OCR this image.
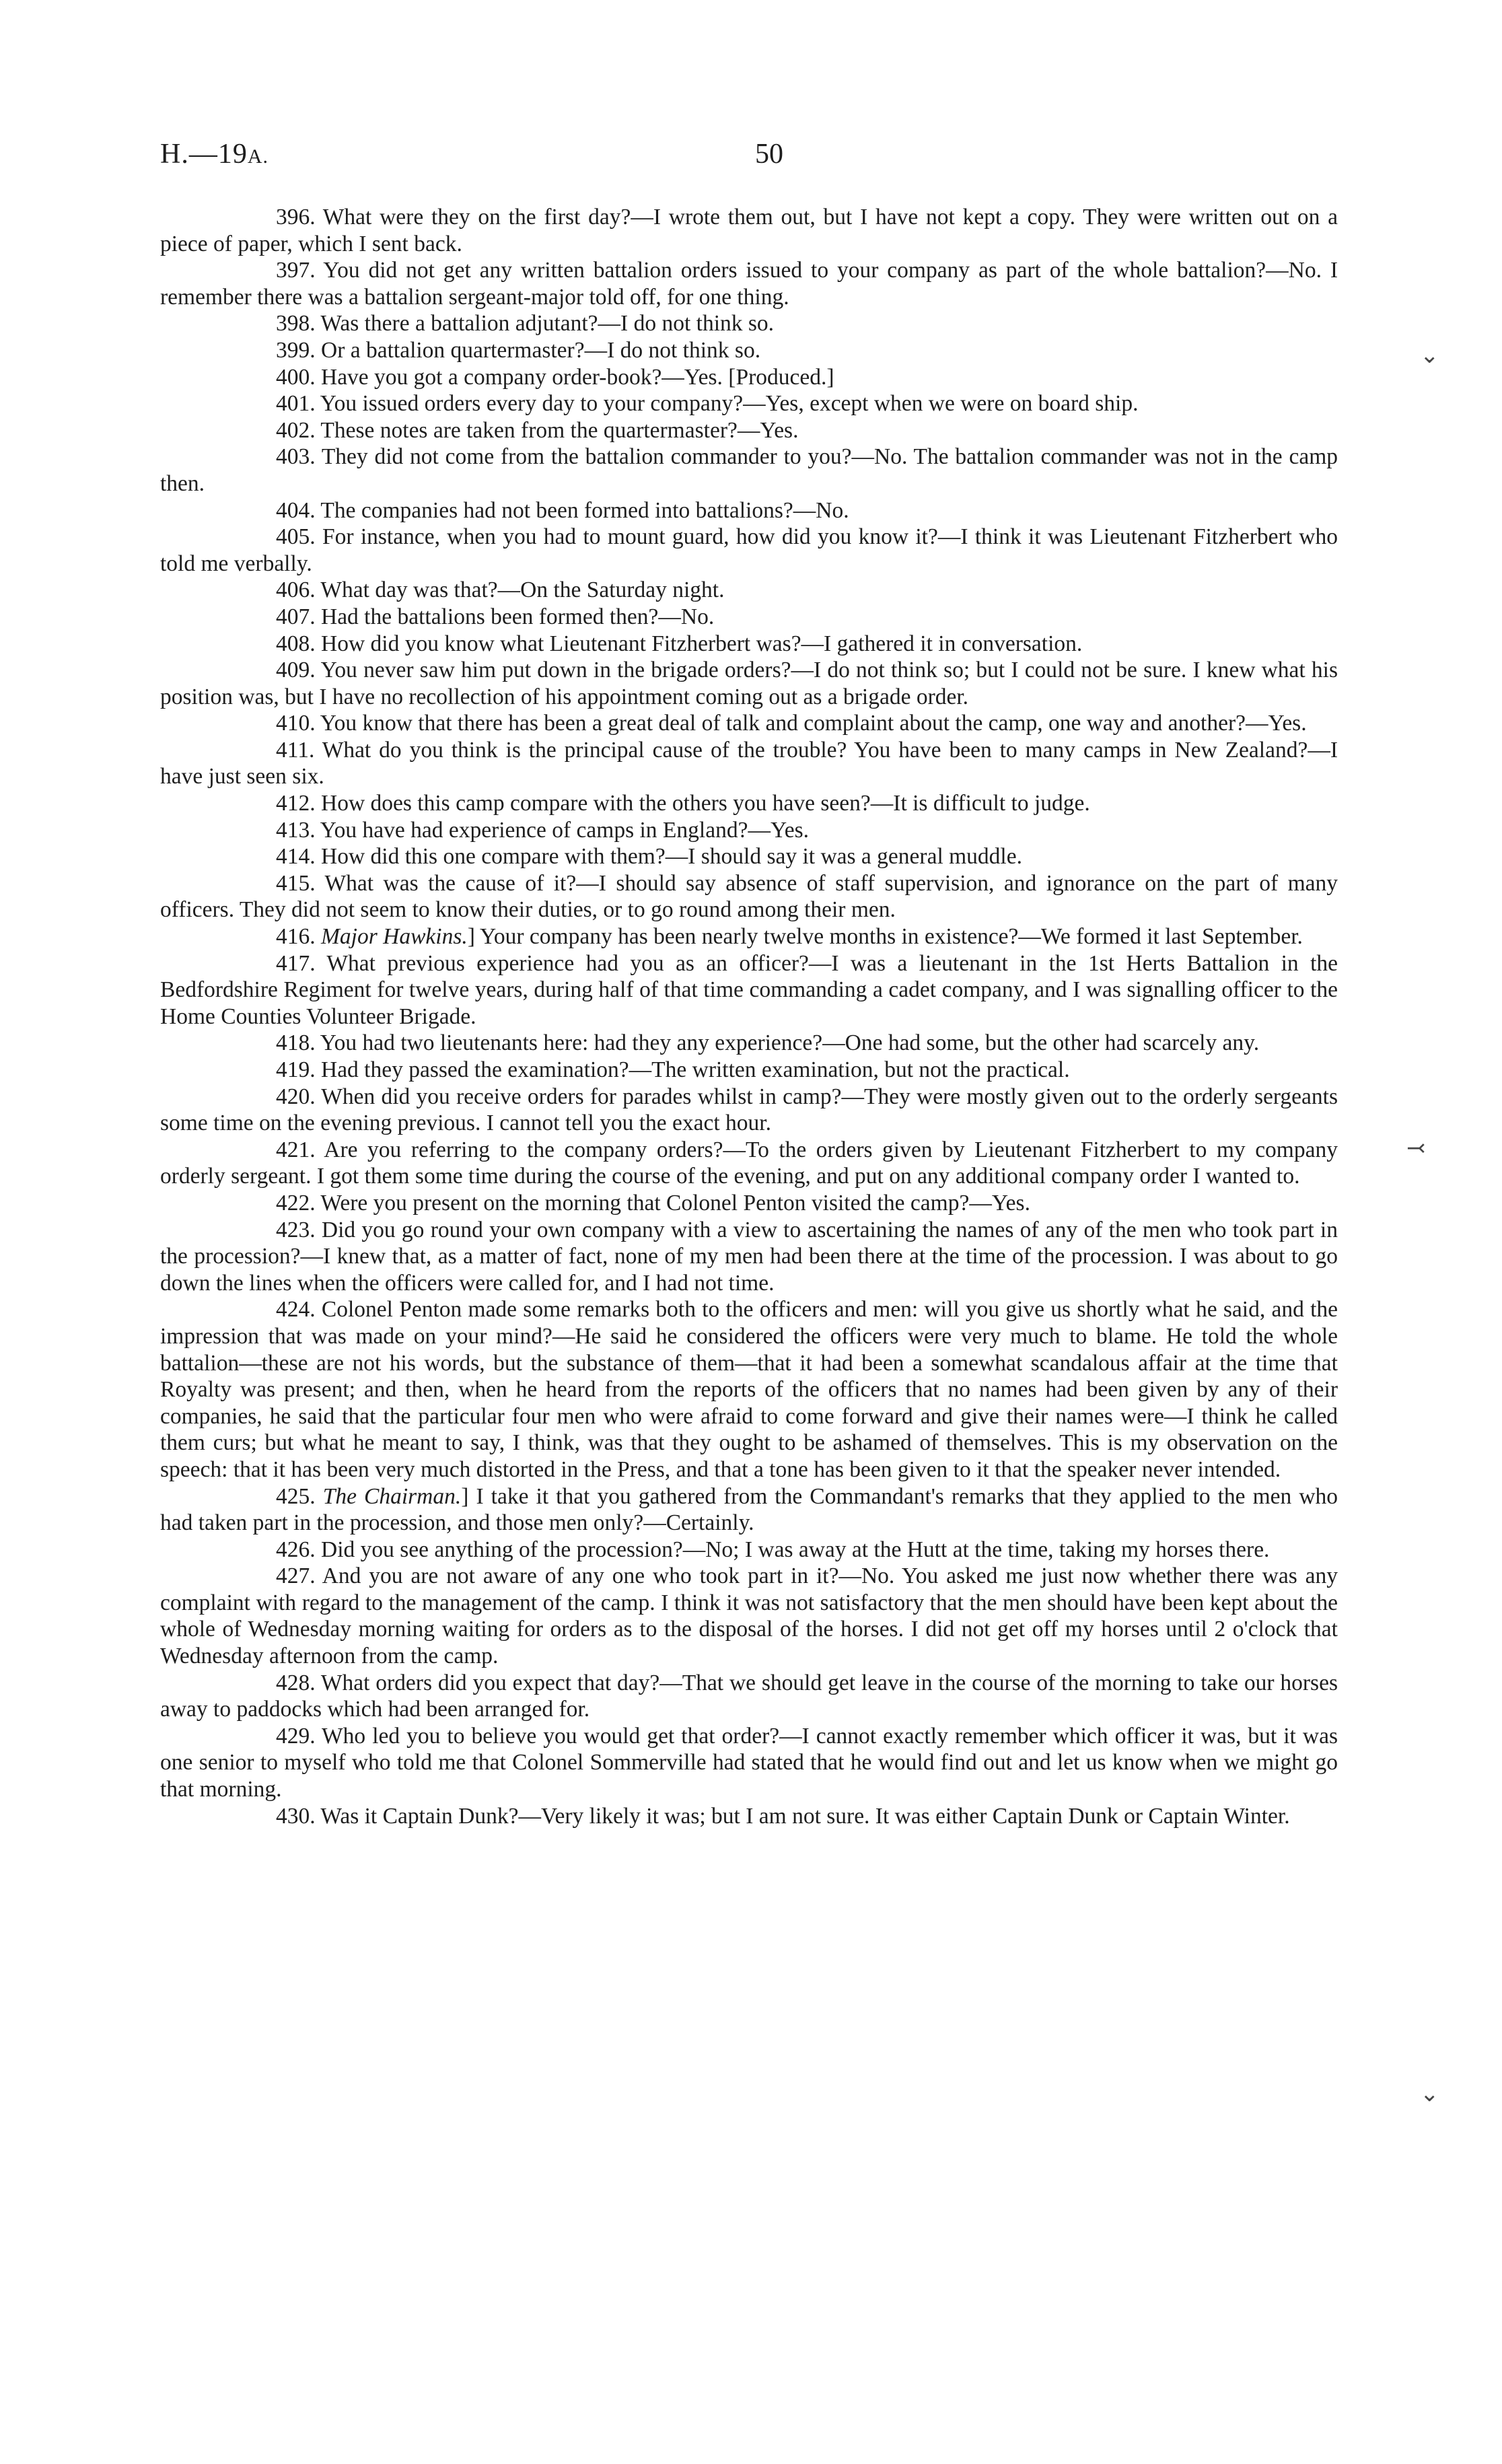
H.—19A.	50
⌄
⤙
⌄

396. What were they on the first day?—I wrote them out, but I have not kept a copy. They were written out on a piece of paper, which I sent back.

397. You did not get any written battalion orders issued to your company as part of the whole battalion?—No. I remember there was a battalion sergeant-major told off, for one thing.

398. Was there a battalion adjutant?—I do not think so.

399. Or a battalion quartermaster?—I do not think so.

400. Have you got a company order-book?—Yes. [Produced.]

401. You issued orders every day to your company?—Yes, except when we were on board ship.

402. These notes are taken from the quartermaster?—Yes.

403. They did not come from the battalion commander to you?—No. The battalion commander was not in the camp then.

404. The companies had not been formed into battalions?—No.

405. For instance, when you had to mount guard, how did you know it?—I think it was Lieutenant Fitzherbert who told me verbally.

406. What day was that?—On the Saturday night.

407. Had the battalions been formed then?—No.

408. How did you know what Lieutenant Fitzherbert was?—I gathered it in conversation.

409. You never saw him put down in the brigade orders?—I do not think so; but I could not be sure. I knew what his position was, but I have no recollection of his appointment coming out as a brigade order.

410. You know that there has been a great deal of talk and complaint about the camp, one way and another?—Yes.

411. What do you think is the principal cause of the trouble? You have been to many camps in New Zealand?—I have just seen six.

412. How does this camp compare with the others you have seen?—It is difficult to judge.

413. You have had experience of camps in England?—Yes.

414. How did this one compare with them?—I should say it was a general muddle.

415. What was the cause of it?—I should say absence of staff supervision, and ignorance on the part of many officers. They did not seem to know their duties, or to go round among their men.

416. Major Hawkins.] Your company has been nearly twelve months in existence?—We formed it last September.

417. What previous experience had you as an officer?—I was a lieutenant in the 1st Herts Battalion in the Bedfordshire Regiment for twelve years, during half of that time commanding a cadet company, and I was signalling officer to the Home Counties Volunteer Brigade.

418. You had two lieutenants here: had they any experience?—One had some, but the other had scarcely any.

419. Had they passed the examination?—The written examination, but not the practical.

420. When did you receive orders for parades whilst in camp?—They were mostly given out to the orderly sergeants some time on the evening previous. I cannot tell you the exact hour.

421. Are you referring to the company orders?—To the orders given by Lieutenant Fitzherbert to my company orderly sergeant. I got them some time during the course of the evening, and put on any additional company order I wanted to.

422. Were you present on the morning that Colonel Penton visited the camp?—Yes.

423. Did you go round your own company with a view to ascertaining the names of any of the men who took part in the procession?—I knew that, as a matter of fact, none of my men had been there at the time of the procession. I was about to go down the lines when the officers were called for, and I had not time.

424. Colonel Penton made some remarks both to the officers and men: will you give us shortly what he said, and the impression that was made on your mind?—He said he considered the officers were very much to blame. He told the whole battalion—these are not his words, but the substance of them—that it had been a somewhat scandalous affair at the time that Royalty was present; and then, when he heard from the reports of the officers that no names had been given by any of their companies, he said that the particular four men who were afraid to come forward and give their names were—I think he called them curs; but what he meant to say, I think, was that they ought to be ashamed of themselves. This is my observation on the speech: that it has been very much distorted in the Press, and that a tone has been given to it that the speaker never intended.

425. The Chairman.] I take it that you gathered from the Commandant's remarks that they applied to the men who had taken part in the procession, and those men only?—Certainly.

426. Did you see anything of the procession?—No; I was away at the Hutt at the time, taking my horses there.

427. And you are not aware of any one who took part in it?—No. You asked me just now whether there was any complaint with regard to the management of the camp. I think it was not satisfactory that the men should have been kept about the whole of Wednesday morning waiting for orders as to the disposal of the horses. I did not get off my horses until 2 o'clock that Wednesday afternoon from the camp.

428. What orders did you expect that day?—That we should get leave in the course of the morning to take our horses away to paddocks which had been arranged for.

429. Who led you to believe you would get that order?—I cannot exactly remember which officer it was, but it was one senior to myself who told me that Colonel Sommerville had stated that he would find out and let us know when we might go that morning.

430. Was it Captain Dunk?—Very likely it was; but I am not sure. It was either Captain Dunk or Captain Winter.
